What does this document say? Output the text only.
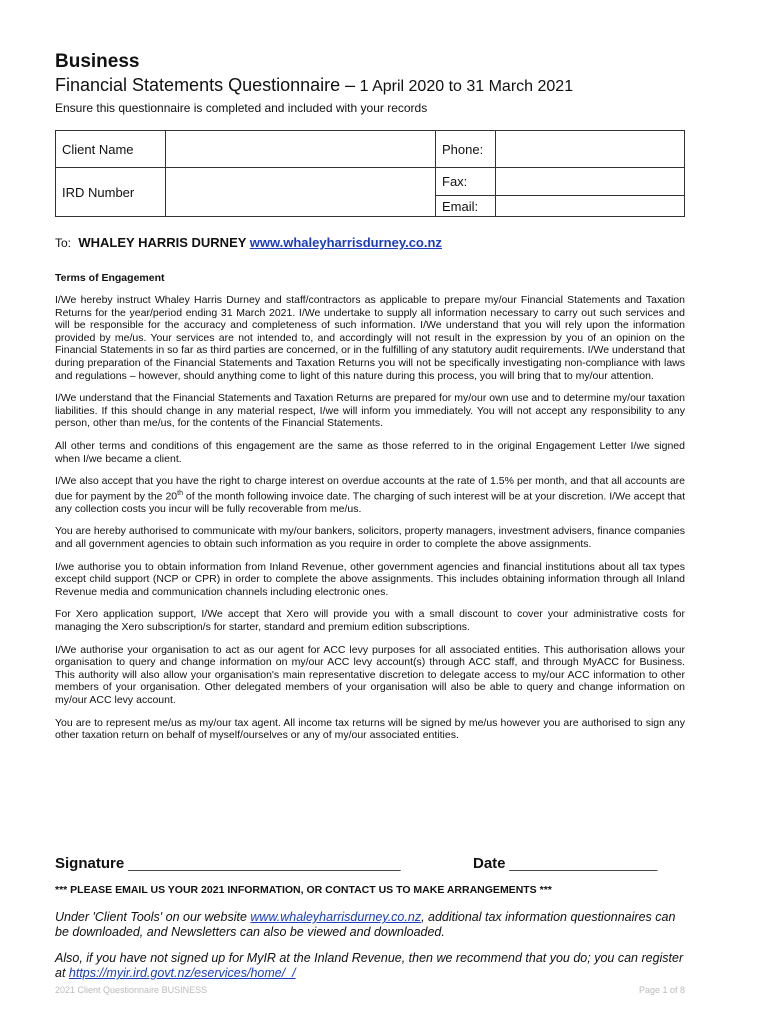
Business
Financial Statements Questionnaire – 1 April 2020 to 31 March 2021
Ensure this questionnaire is completed and included with your records
Client Name		Phone:	
IRD Number		Fax:	
		Email:	
To: WHALEY HARRIS DURNEY www.whaleyharrisdurney.co.nz
Terms of Engagement
I/We hereby instruct Whaley Harris Durney and staff/contractors as applicable to prepare my/our Financial Statements and Taxation Returns for the year/period ending 31 March 2021. I/We undertake to supply all information necessary to carry out such services and will be responsible for the accuracy and completeness of such information. I/We understand that you will rely upon the information provided by me/us. Your services are not intended to, and accordingly will not result in the expression by you of an opinion on the Financial Statements in so far as third parties are concerned, or in the fulfilling of any statutory audit requirements. I/We understand that during preparation of the Financial Statements and Taxation Returns you will not be specifically investigating non-compliance with laws and regulations – however, should anything come to light of this nature during this process, you will bring that to my/our attention.
I/We understand that the Financial Statements and Taxation Returns are prepared for my/our own use and to determine my/our taxation liabilities. If this should change in any material respect, I/we will inform you immediately. You will not accept any responsibility to any person, other than me/us, for the contents of the Financial Statements.
All other terms and conditions of this engagement are the same as those referred to in the original Engagement Letter I/we signed when I/we became a client.
I/We also accept that you have the right to charge interest on overdue accounts at the rate of 1.5% per month, and that all accounts are due for payment by the 20th of the month following invoice date. The charging of such interest will be at your discretion. I/We accept that any collection costs you incur will be fully recoverable from me/us.
You are hereby authorised to communicate with my/our bankers, solicitors, property managers, investment advisers, finance companies and all government agencies to obtain such information as you require in order to complete the above assignments.
I/we authorise you to obtain information from Inland Revenue, other government agencies and financial institutions about all tax types except child support (NCP or CPR) in order to complete the above assignments. This includes obtaining information through all Inland Revenue media and communication channels including electronic ones.
For Xero application support, I/We accept that Xero will provide you with a small discount to cover your administrative costs for managing the Xero subscription/s for starter, standard and premium edition subscriptions.
I/We authorise your organisation to act as our agent for ACC levy purposes for all associated entities. This authorisation allows your organisation to query and change information on my/our ACC levy account(s) through ACC staff, and through MyACC for Business. This authority will also allow your organisation's main representative discretion to delegate access to my/our ACC information to other members of your organisation. Other delegated members of your organisation will also be able to query and change information on my/our ACC levy account.
You are to represent me/us as my/our tax agent. All income tax returns will be signed by me/us however you are authorised to sign any other taxation return on behalf of myself/ourselves or any of my/our associated entities.
Signature ___________________________________	Date ___________________
*** PLEASE EMAIL US YOUR 2021 INFORMATION, OR CONTACT US TO MAKE ARRANGEMENTS ***
Under 'Client Tools' on our website www.whaleyharrisdurney.co.nz, additional tax information questionnaires can be downloaded, and Newsletters can also be viewed and downloaded.
Also, if you have not signed up for MyIR at the Inland Revenue, then we recommend that you do; you can register at https://myir.ird.govt.nz/eservices/home/_/
2021 Client Questionnaire BUSINESS	Page 1 of 8
